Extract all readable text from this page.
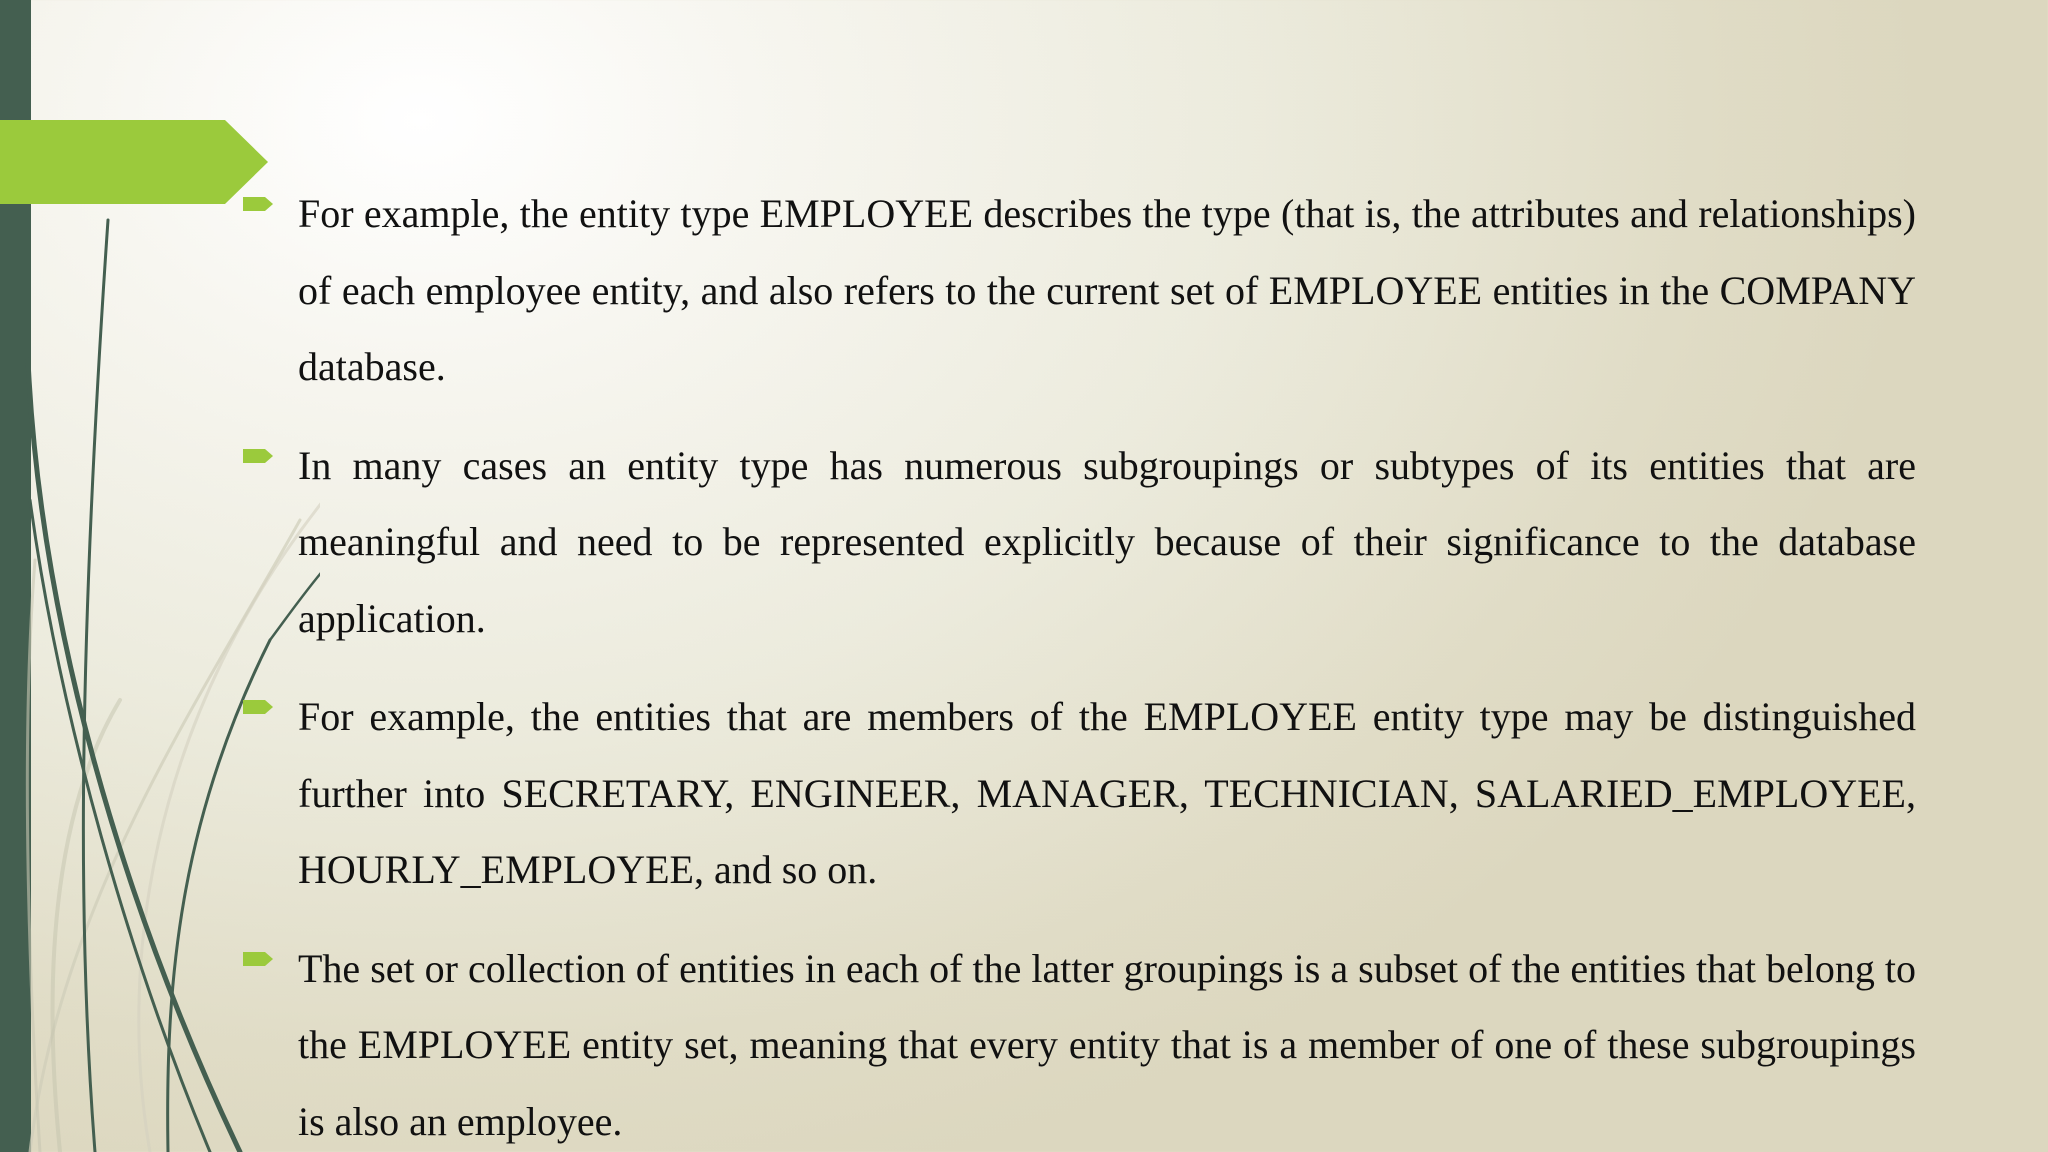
For example, the entity type EMPLOYEE describes the type (that is, the attributes and relationships) of each employee entity, and also refers to the current set of EMPLOYEE entities in the COMPANY database.
In many cases an entity type has numerous subgroupings or subtypes of its entities that are meaningful and need to be represented explicitly because of their significance to the database application.
For example, the entities that are members of the EMPLOYEE entity type may be distinguished further into SECRETARY, ENGINEER, MANAGER, TECHNICIAN, SALARIED_EMPLOYEE, HOURLY_EMPLOYEE, and so on.
The set or collection of entities in each of the latter groupings is a subset of the entities that belong to the EMPLOYEE entity set, meaning that every entity that is a member of one of these subgroupings is also an employee.
